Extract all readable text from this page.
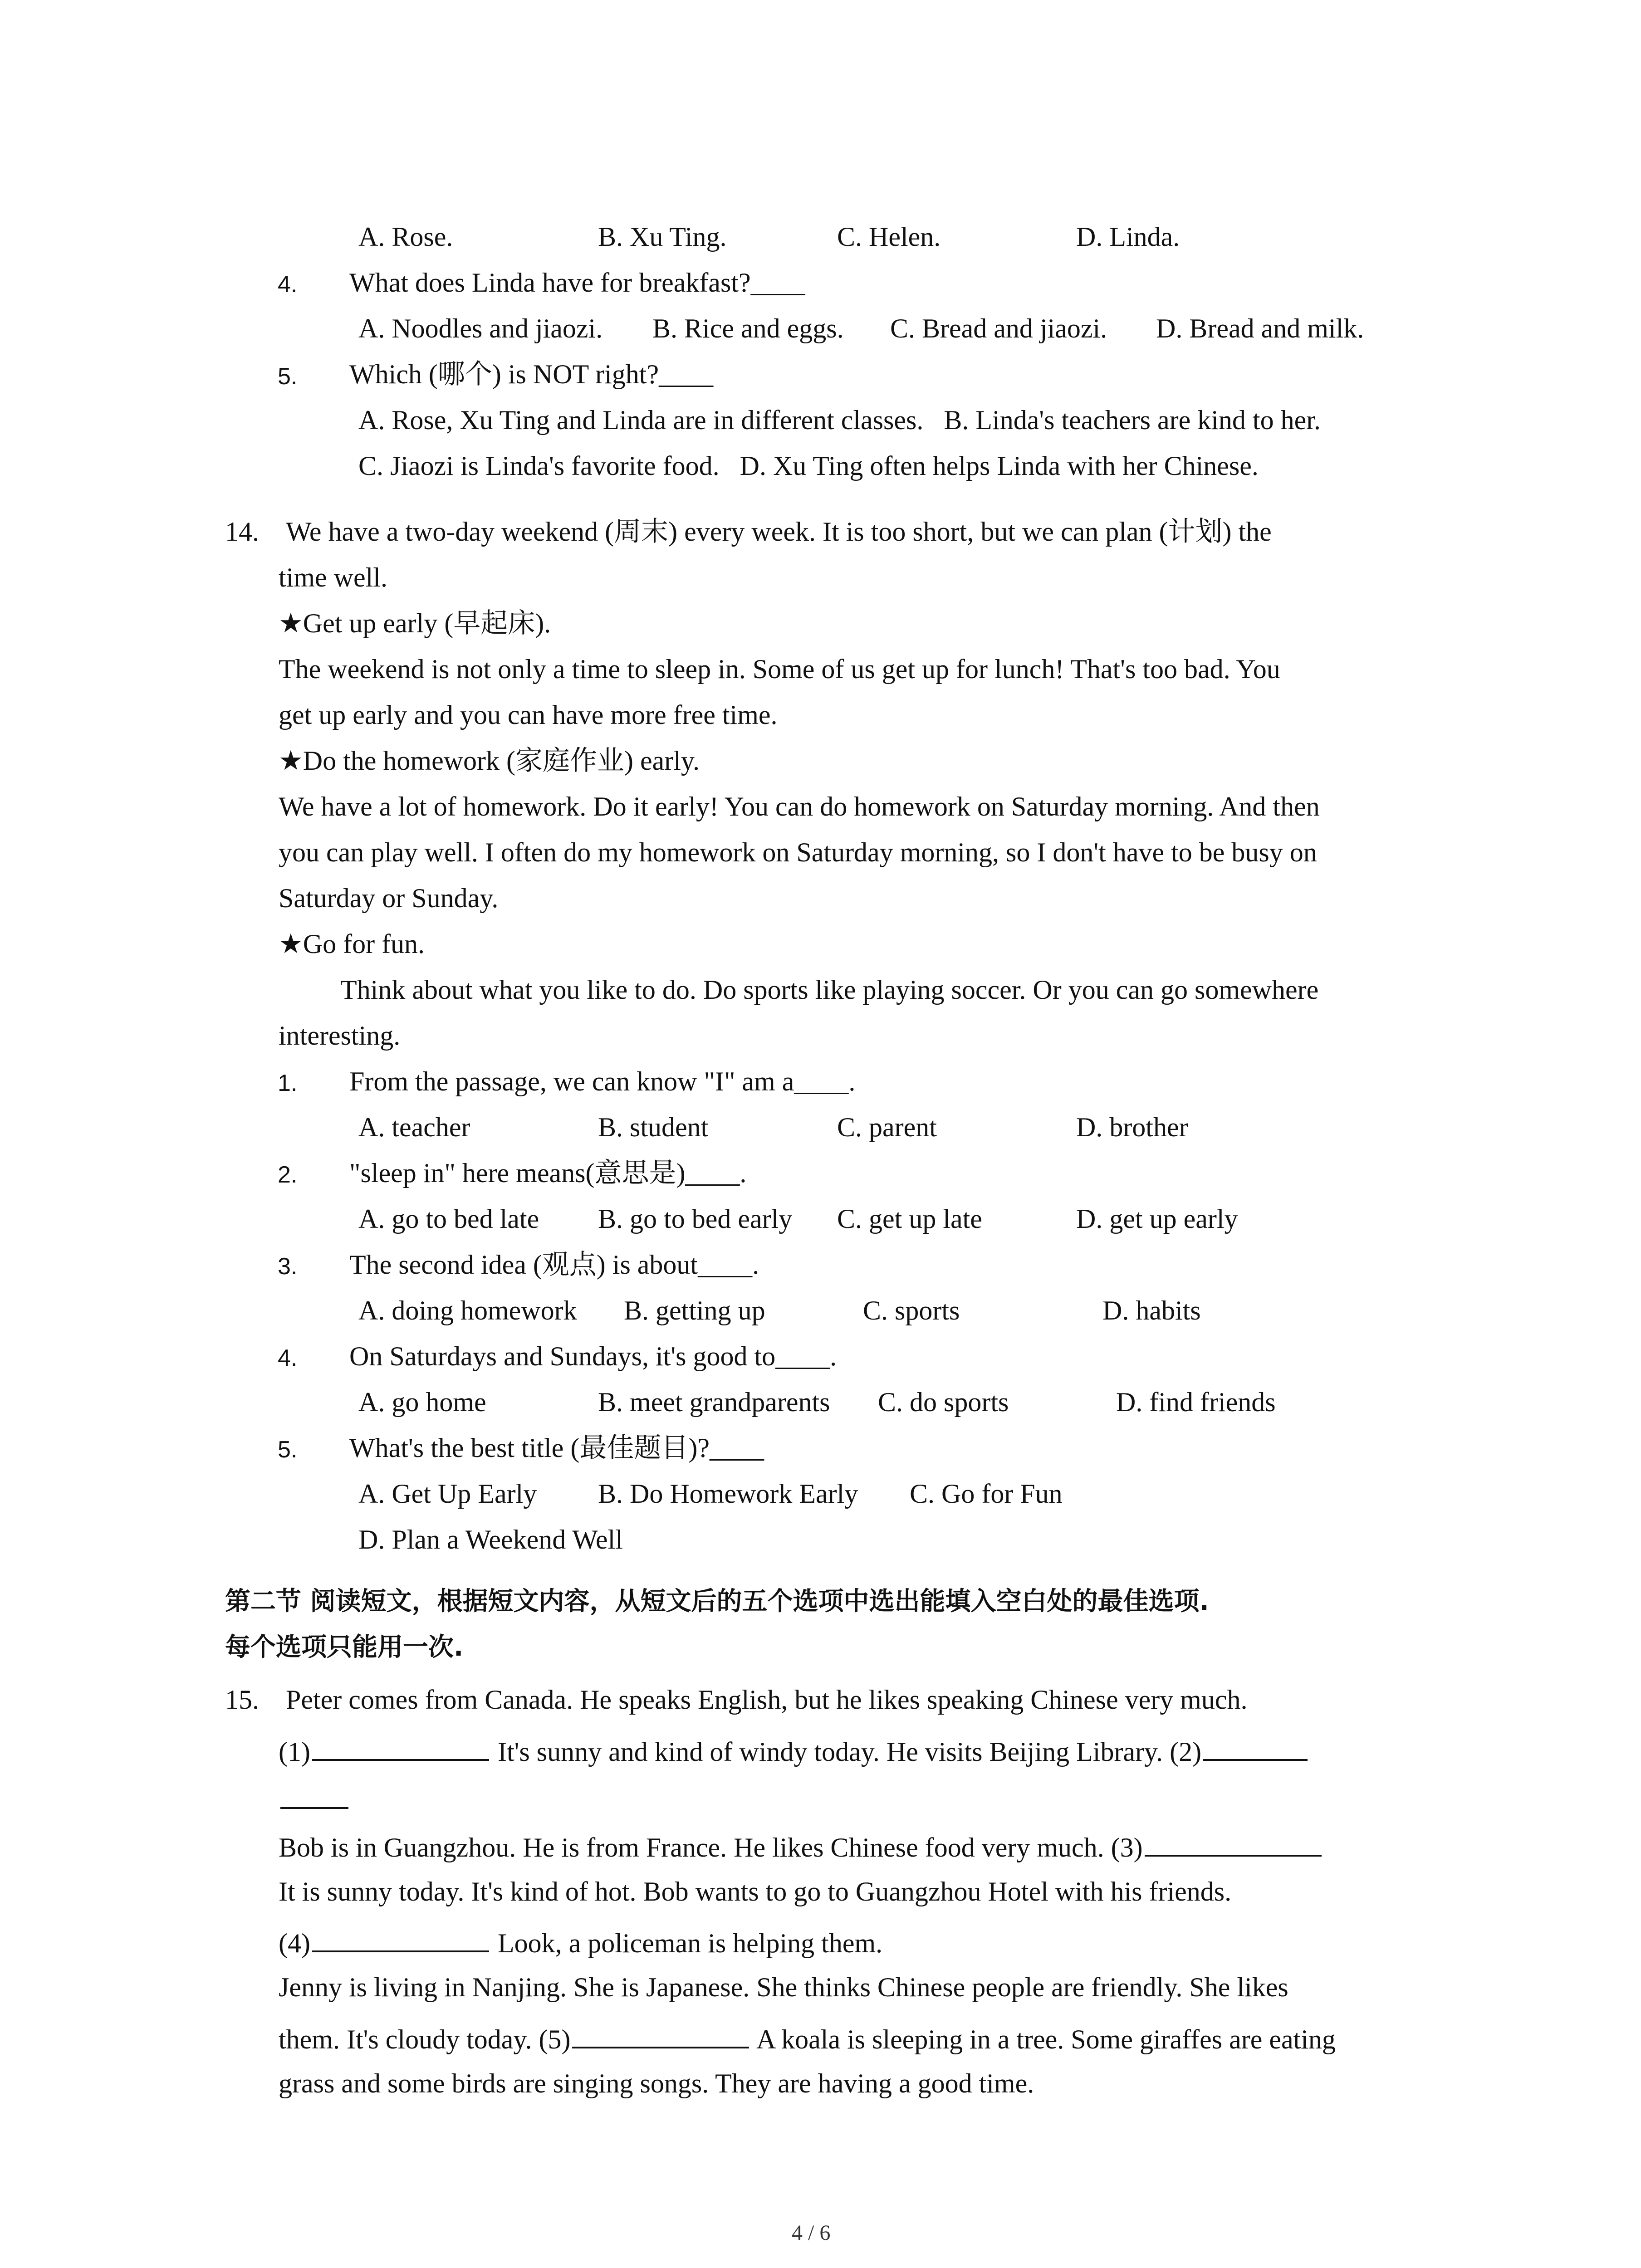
A. Rose.	B. Xu Ting.	C. Helen.	D. Linda.
4. What does Linda have for breakfast?____
A. Noodles and jiaozi. B. Rice and eggs. C. Bread and jiaozi. D. Bread and milk.
5. Which (哪个) is NOT right?____
A. Rose, Xu Ting and Linda are in different classes.   B. Linda's teachers are kind to her.
C. Jiaozi is Linda's favorite food.   D. Xu Ting often helps Linda with her Chinese.
14. We have a two-day weekend (周末) every week. It is too short, but we can plan (计划) the
time well.
★Get up early (早起床).
The weekend is not only a time to sleep in. Some of us get up for lunch! That's too bad. You
get up early and you can have more free time.
★Do the homework (家庭作业) early.
We have a lot of homework. Do it early! You can do homework on Saturday morning. And then
you can play well. I often do my homework on Saturday morning, so I don't have to be busy on
Saturday or Sunday.
★Go for fun.
Think about what you like to do. Do sports like playing soccer. Or you can go somewhere
interesting.
1. From the passage, we can know "I" am a____.
A. teacher	B. student	C. parent	D. brother
2. "sleep in" here means(意思是)____.
A. go to bed late B. go to bed early C. get up late	D. get up early
3. The second idea (观点) is about____.
A. doing homework B. getting up	C. sports	D. habits
4. On Saturdays and Sundays, it's good to____.
A. go home	B. meet grandparents C. do sports	D. find friends
5. What's the best title (最佳题目)?____
A. Get Up Early B. Do Homework Early C. Go for Fun
D. Plan a Weekend Well
第二节 阅读短文，根据短文内容，从短文后的五个选项中选出能填入空白处的最佳选项.
每个选项只能用一次.
15. Peter comes from Canada. He speaks English, but he likes speaking Chinese very much.
(1)	It's sunny and kind of windy today. He visits Beijing Library. (2)
Bob is in Guangzhou. He is from France. He likes Chinese food very much. (3)
It is sunny today. It's kind of hot. Bob wants to go to Guangzhou Hotel with his friends.
(4)	Look, a policeman is helping them.
Jenny is living in Nanjing. She is Japanese. She thinks Chinese people are friendly. She likes
them. It's cloudy today. (5)	A koala is sleeping in a tree. Some giraffes are eating
grass and some birds are singing songs. They are having a good time.
4 / 6
